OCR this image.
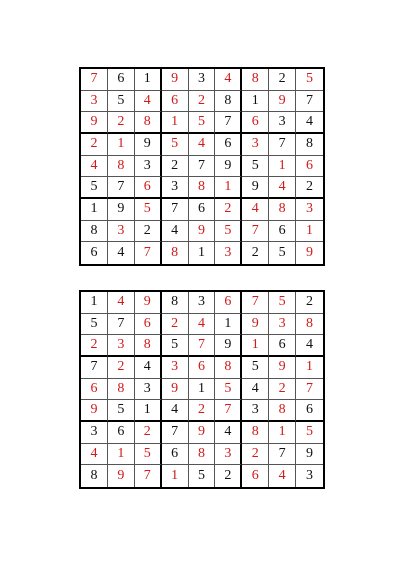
7	6	1	9	3	4	8	2	5
3	5	4	6	2	8	1	9	7
9	2	8	1	5	7	6	3	4
2	1	9	5	4	6	3	7	8
4	8	3	2	7	9	5	1	6
5	7	6	3	8	1	9	4	2
1	9	5	7	6	2	4	8	3
8	3	2	4	9	5	7	6	1
6	4	7	8	1	3	2	5	9
1	4	9	8	3	6	7	5	2
5	7	6	2	4	1	9	3	8
2	3	8	5	7	9	1	6	4
7	2	4	3	6	8	5	9	1
6	8	3	9	1	5	4	2	7
9	5	1	4	2	7	3	8	6
3	6	2	7	9	4	8	1	5
4	1	5	6	8	3	2	7	9
8	9	7	1	5	2	6	4	3
